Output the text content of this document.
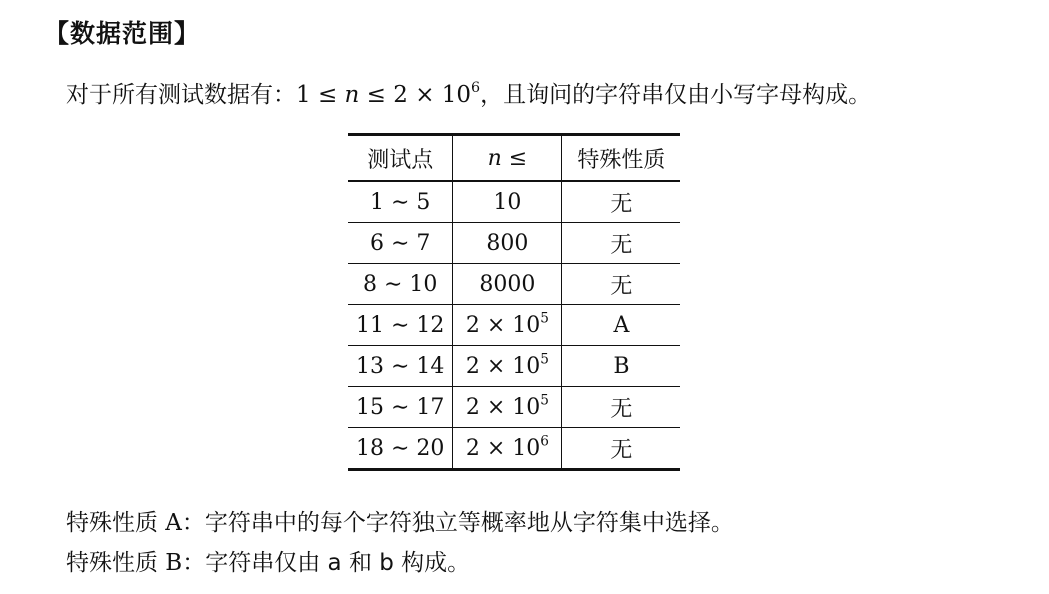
【数据范围】
对于所有测试数据有：$1 \le n \le 2 \times 10^6$，且询问的字符串仅由小写字母构成。
测试点	n ≤	特殊性质
1 ∼ 5	10	无
6 ∼ 7	800	无
8 ∼ 10	8000	无
11 ∼ 12	$2 \times 10^5$	A
13 ∼ 14	$2 \times 10^5$	B
15 ∼ 17	$2 \times 10^5$	无
18 ∼ 20	$2 \times 10^6$	无
特殊性质 A：字符串中的每个字符独立等概率地从字符集中选择。
特殊性质 B：字符串仅由 a 和 b 构成。
